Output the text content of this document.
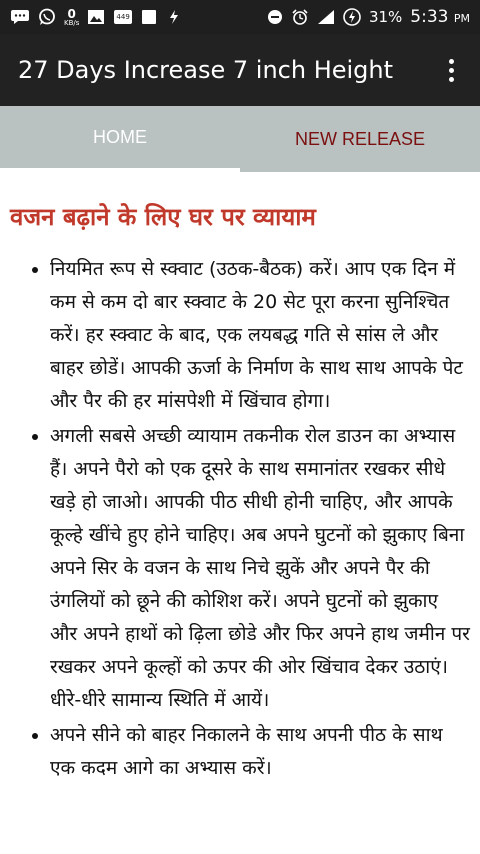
0
KB/s
449	31% 5:33 PM
27 Days Increase 7 inch Height
HOME	NEW RELEASE
वजन बढ़ाने के लिए घर पर व्यायाम
• नियमित रूप से स्क्वाट (उठक-बैठक) करें। आप एक दिन में कम से कम दो बार स्क्वाट के 20 सेट पूरा करना सुनिश्चित करें। हर स्क्वाट के बाद, एक लयबद्ध गति से सांस ले और बाहर छोडें। आपकी ऊर्जा के निर्माण के साथ साथ आपके पेट और पैर की हर मांसपेशी में खिंचाव होगा।
• अगली सबसे अच्छी व्यायाम तकनीक रोल डाउन का अभ्यास हैं। अपने पैरो को एक दूसरे के साथ समानांतर रखकर सीधे खड़े हो जाओ। आपकी पीठ सीधी होनी चाहिए, और आपके कूल्हे खींचे हुए होने चाहिए। अब अपने घुटनों को झुकाए बिना अपने सिर के वजन के साथ निचे झुकें और अपने पैर की उंगलियों को छूने की कोशिश करें। अपने घुटनों को झुकाए और अपने हाथों को ढ़िला छोडे और फिर अपने हाथ जमीन पर रखकर अपने कूल्हों को ऊपर की ओर खिंचाव देकर उठाएं। धीरे-धीरे सामान्य स्थिति में आयें।
• अपने सीने को बाहर निकालने के साथ अपनी पीठ के साथ एक कदम आगे का अभ्यास करें।
